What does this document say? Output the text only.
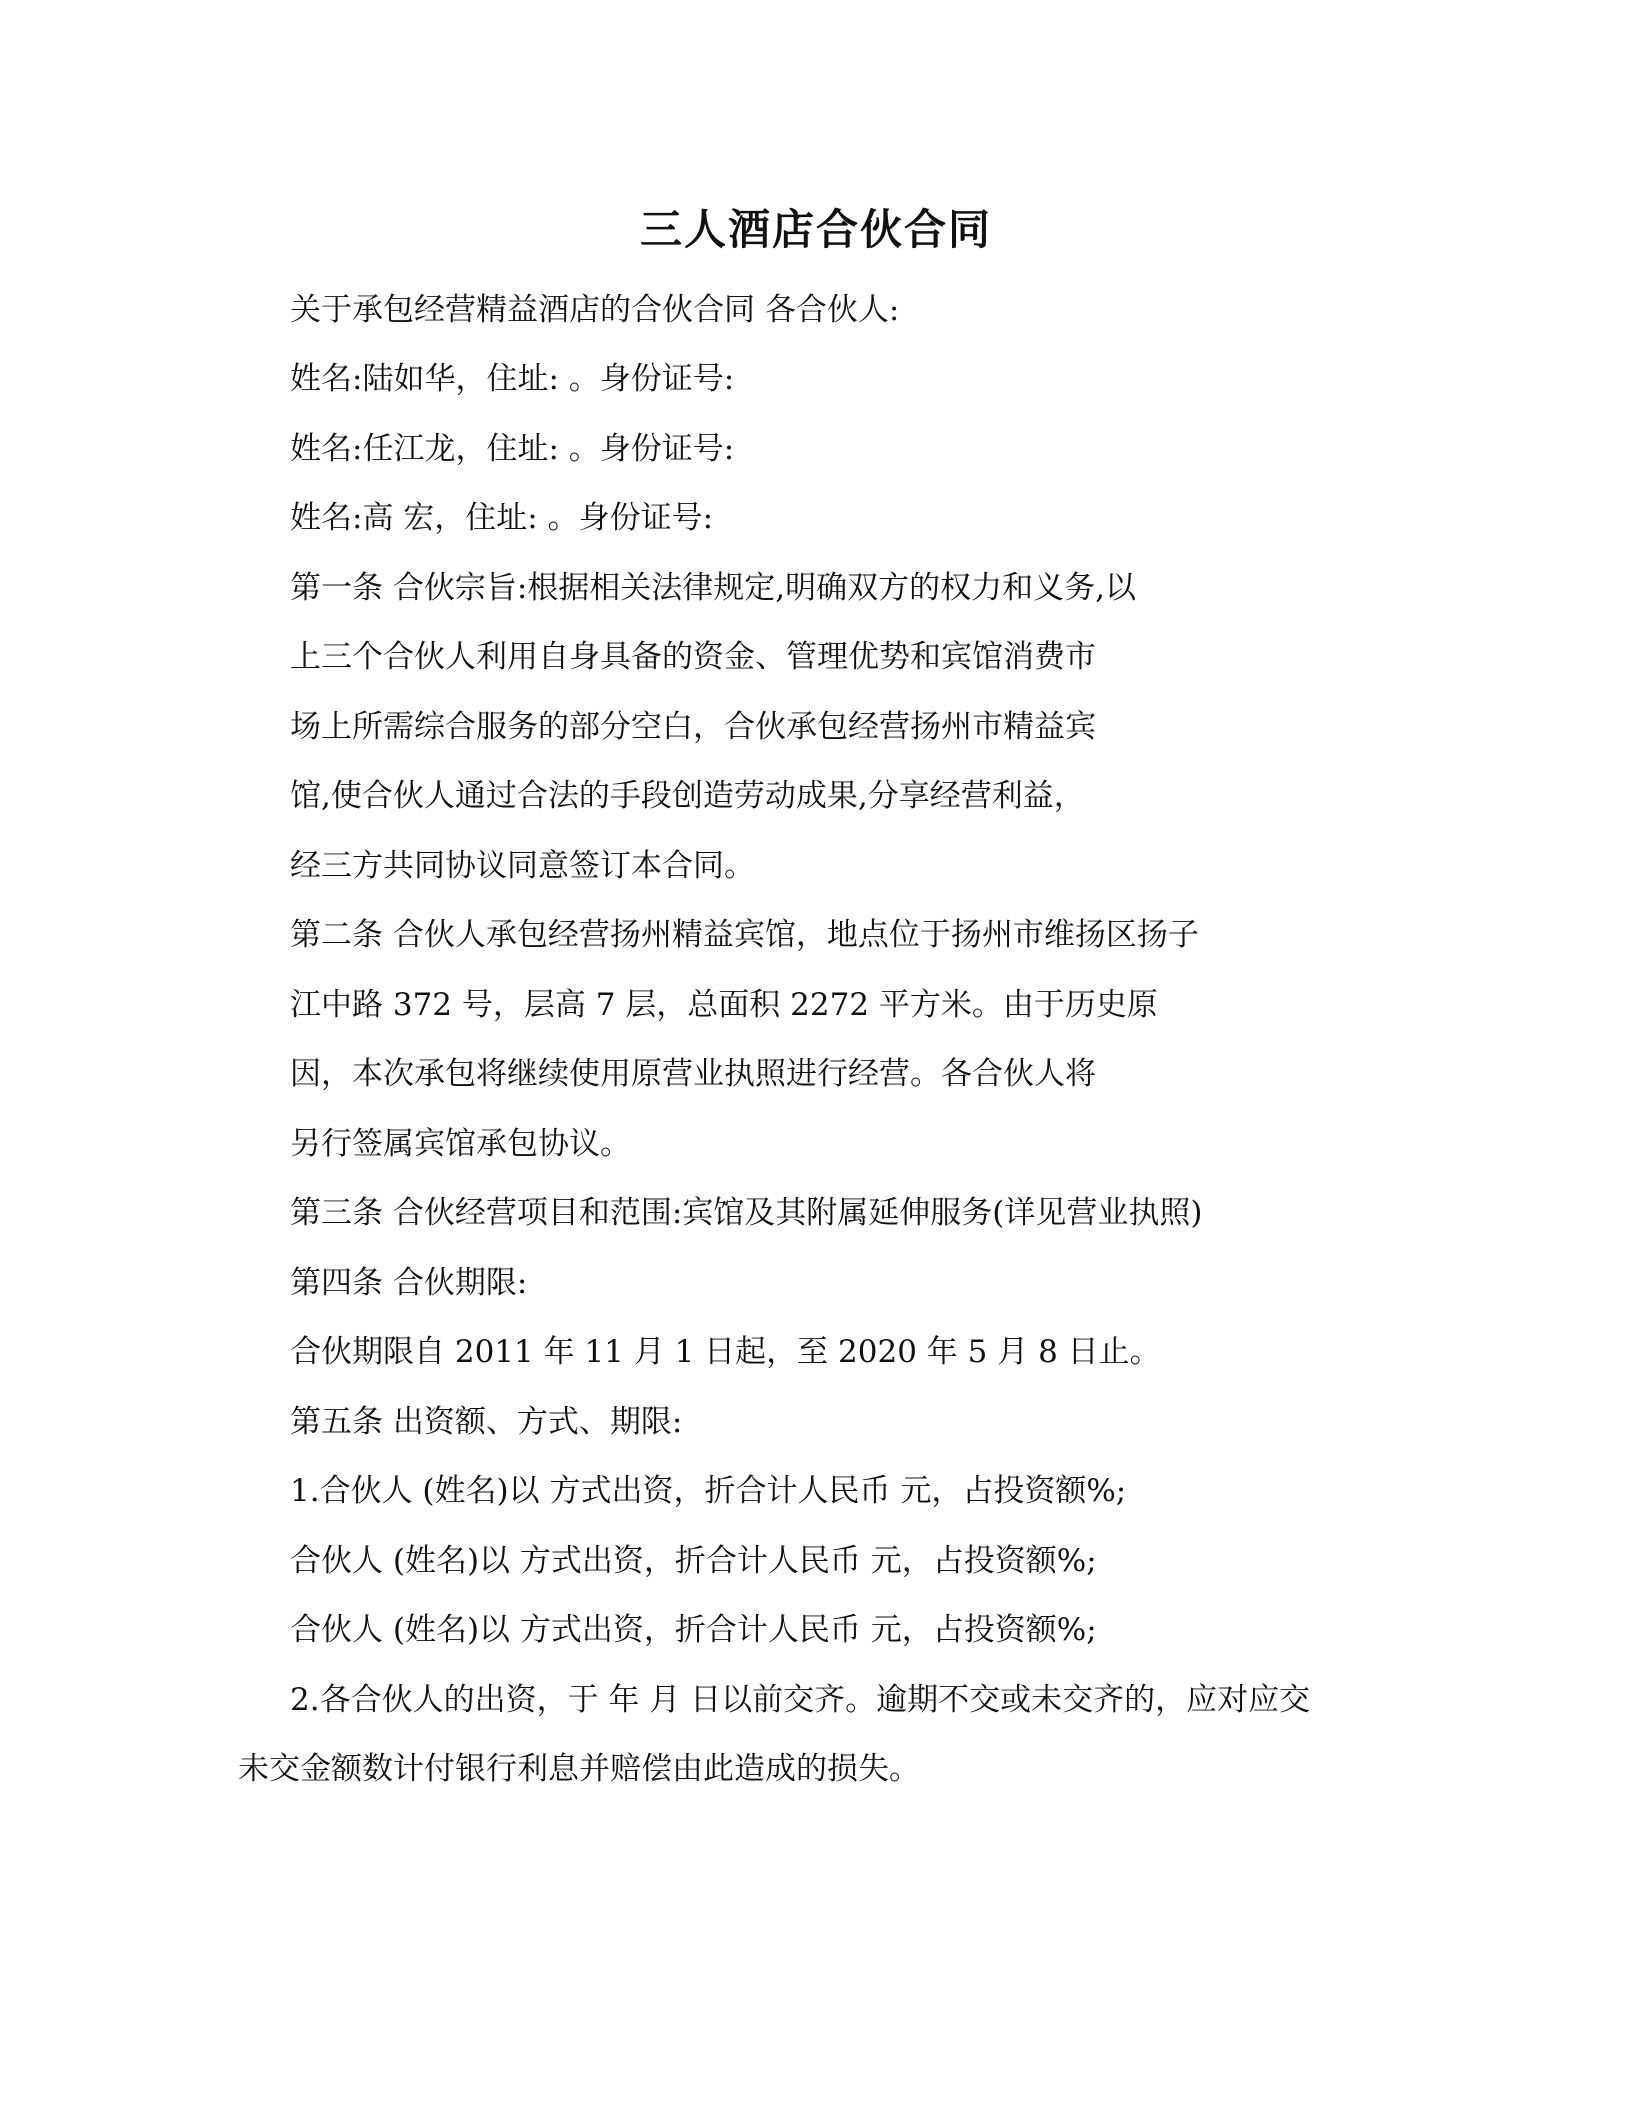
三人酒店合伙合同
关于承包经营精益酒店的合伙合同 各合伙人:
姓名:陆如华，住址: 。身份证号:
姓名:任江龙，住址: 。身份证号:
姓名:高 宏，住址: 。身份证号:
第一条 合伙宗旨:根据相关法律规定,明确双方的权力和义务,以
上三个合伙人利用自身具备的资金、管理优势和宾馆消费市
场上所需综合服务的部分空白，合伙承包经营扬州市精益宾
馆,使合伙人通过合法的手段创造劳动成果,分享经营利益，
经三方共同协议同意签订本合同。
第二条 合伙人承包经营扬州精益宾馆，地点位于扬州市维扬区扬子
江中路 372 号，层高 7 层，总面积 2272 平方米。由于历史原
因，本次承包将继续使用原营业执照进行经营。各合伙人将
另行签属宾馆承包协议。
第三条 合伙经营项目和范围:宾馆及其附属延伸服务(详见营业执照)
第四条 合伙期限:
合伙期限自 2011 年 11 月 1 日起，至 2020 年 5 月 8 日止。
第五条 出资额、方式、期限:
1.合伙人 (姓名)以 方式出资，折合计人民币 元，占投资额%;
合伙人 (姓名)以 方式出资，折合计人民币 元，占投资额%;
合伙人 (姓名)以 方式出资，折合计人民币 元，占投资额%;
2.各合伙人的出资，于 年 月 日以前交齐。逾期不交或未交齐的，应对应交
未交金额数计付银行利息并赔偿由此造成的损失。
